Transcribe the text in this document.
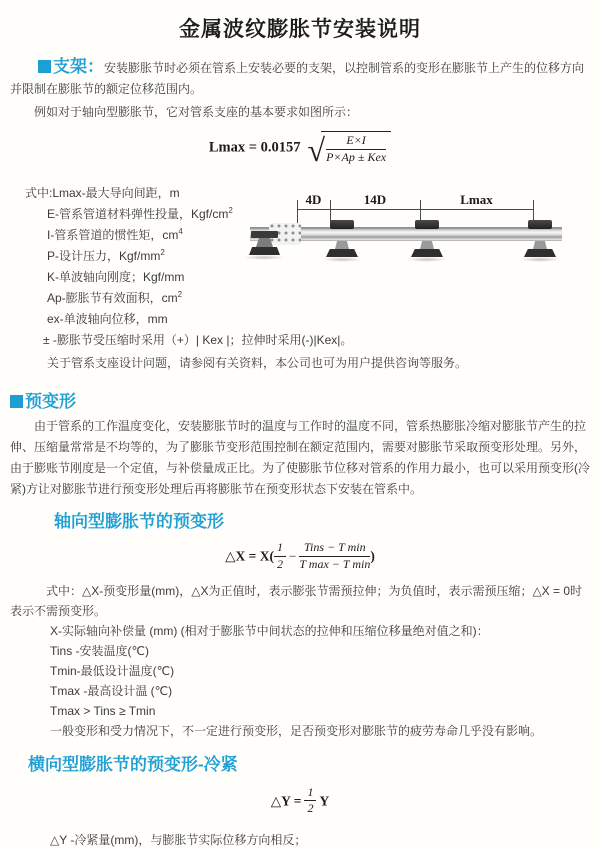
金属波纹膨胀节安装说明
支架：安装膨胀节时必须在管系上安装必要的支架，以控制管系的变形在膨胀节上产生的位移方向并限制在膨胀节的额定位移范围内。
例如对于轴向型膨胀节，它对管系支座的基本要求如图所示：
Lmax = 0.0157 √ $\frac{E\times I}{\text{P×Ap ± Kex}}$
式中:Lmax-最大导向间距，m
E-管系管道材料弹性投量，Kgf/$cm^2$
I-管系管道的惯性矩，$cm^4$
P-设计压力，Kgf/$mm^2$
K-单波轴向刚度；Kgf/mm
Ap-膨胀节有效面积，$cm^2$
ex-单波轴向位移，mm
± -膨胀节受压缩时采用（+）| Kex |；拉伸时采用(-)|Kex|。
关于管系支座设计问题，请参阅有关资料，本公司也可为用户提供咨询等服务。
4D	14D	Lmax
预变形
由于管系的工作温度变化，安装膨胀节时的温度与工作时的温度不同，管系热膨胀冷缩对膨胀节产生的拉伸、压缩量常常是不均等的，为了膨胀节变形范围控制在额定范围内，需要对膨胀节采取预变形处理。另外，由于膨账节刚度是一个定值，与补偿量成正比。为了使膨胀节位移对管系的作用力最小，也可以采用预变形(冷紧)方让对膨胀节进行预变形处理后再将膨胀节在预变形状态下安装在管系中。
轴向型膨胀节的预变形
△X = $X( \frac{1}{2} - \frac{\text{Tins − T min}}{\text{T max − T min}}$ )
式中：△X-预变形量(mm)，△X为正值时，表示膨张节需预拉伸；为负值时，表示需预压缩；△X = 0时表示不需预变形。
X-实际轴向补偿量 (mm) (相对于膨胀节中间状态的拉伸和压缩位移量绝对值之和)：
Tins -安装温度(℃)
Tmin-最低设计温度(℃)
Tmax -最高设计温 (℃)
Tmax > Tins ≥ Tmin
一般变形和受力情况下，不一定进行预变形，足否预变形对膨胀节的疲劳寿命几乎没有影响。
横向型膨胀节的预变形-冷紧
△Y = $\frac{1}{2}$ Y
△Y -冷紧量(mm)，与膨胀节实际位移方向相反；
